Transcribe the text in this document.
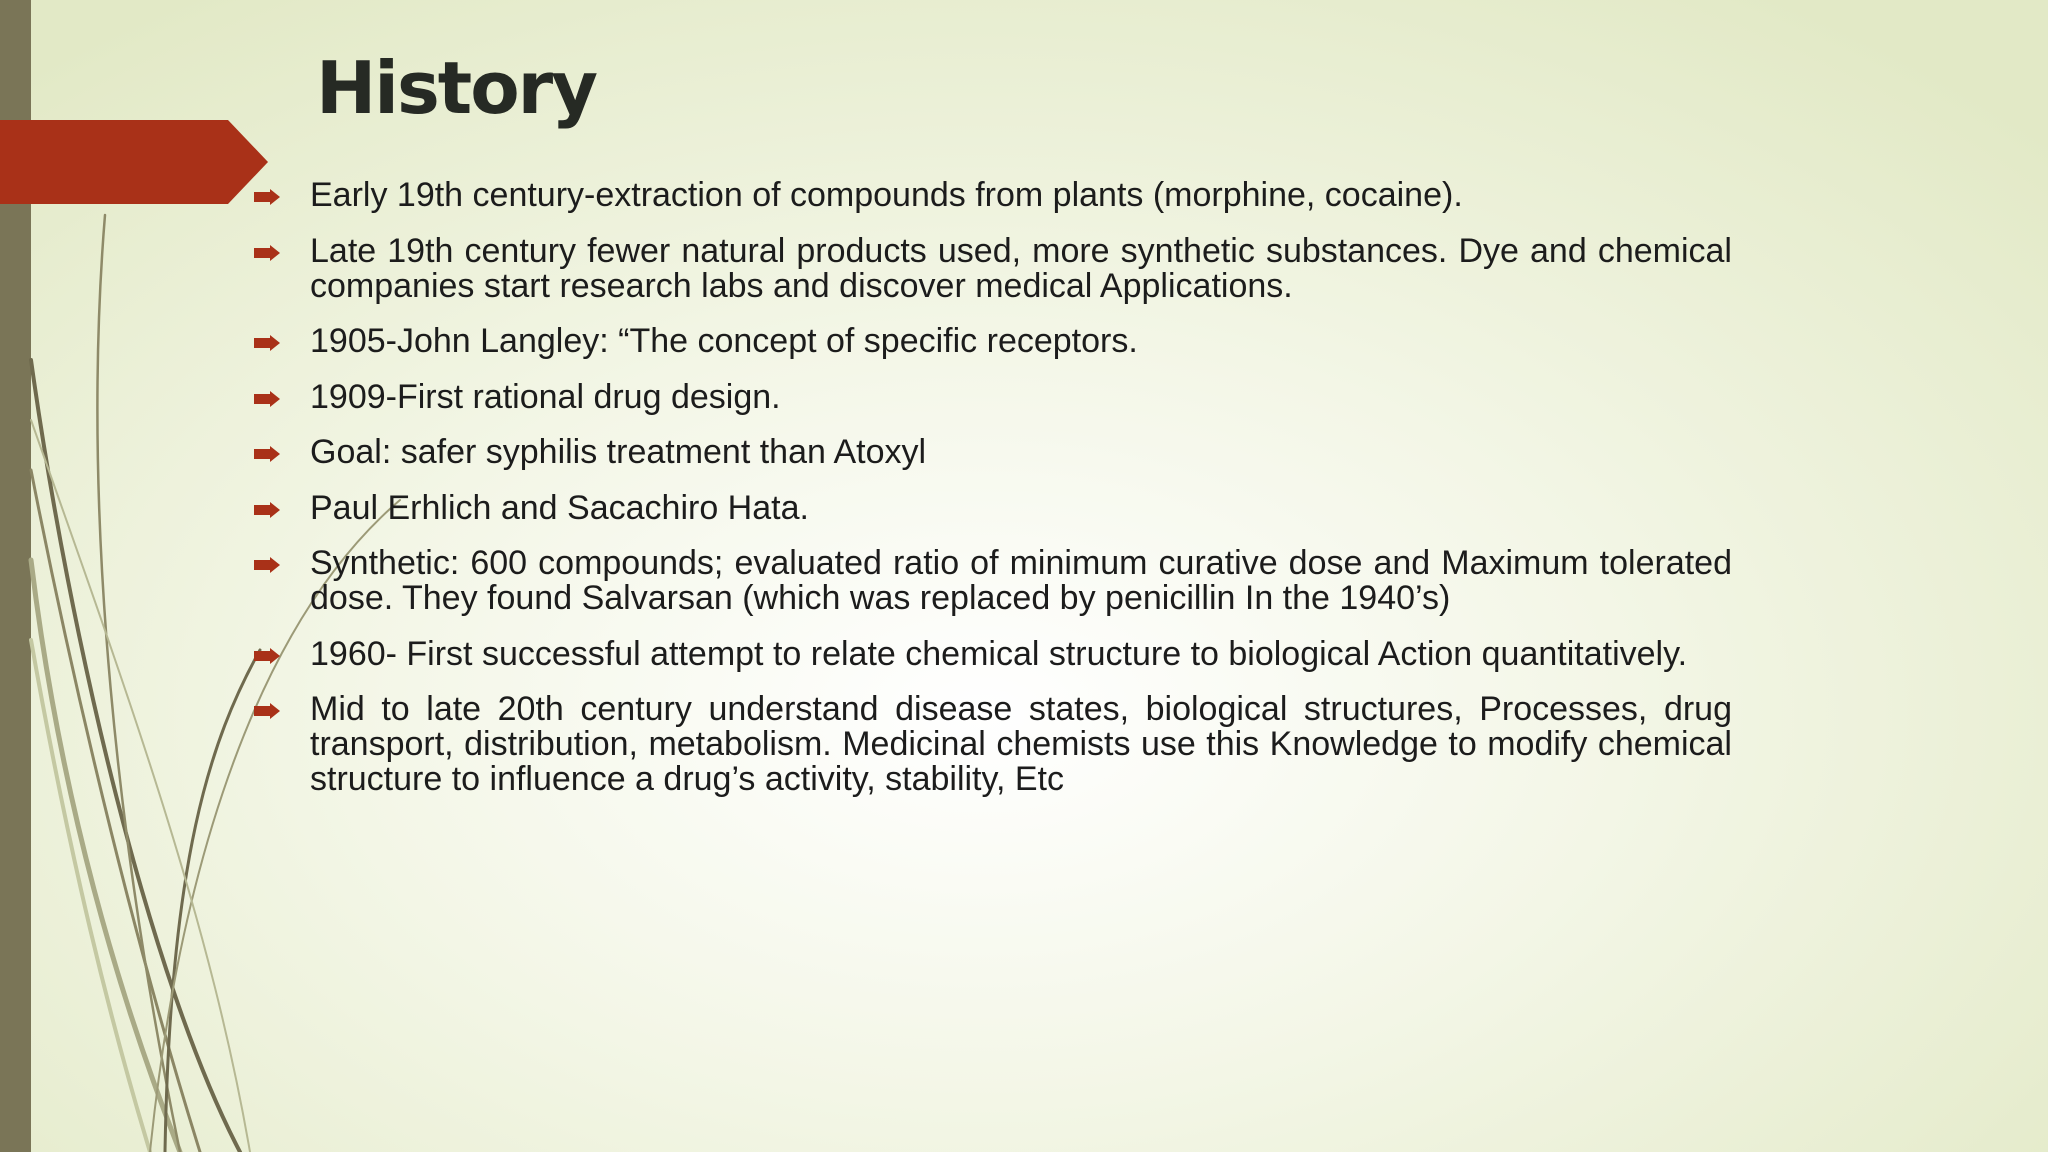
History
Early 19th century-extraction of compounds from plants (morphine, cocaine).
Late 19th century fewer natural products used, more synthetic substances. Dye and chemical companies start research labs and discover medical Applications.
1905-John Langley: “The concept of specific receptors.
1909-First rational drug design.
Goal: safer syphilis treatment than Atoxyl
Paul Erhlich and Sacachiro Hata.
Synthetic: 600 compounds; evaluated ratio of minimum curative dose and Maximum tolerated dose. They found Salvarsan (which was replaced by penicillin In the 1940’s)
1960- First successful attempt to relate chemical structure to biological Action quantitatively.
Mid to late 20th century understand disease states, biological structures, Processes, drug transport, distribution, metabolism. Medicinal chemists use this Knowledge to modify chemical structure to influence a drug’s activity, stability, Etc
